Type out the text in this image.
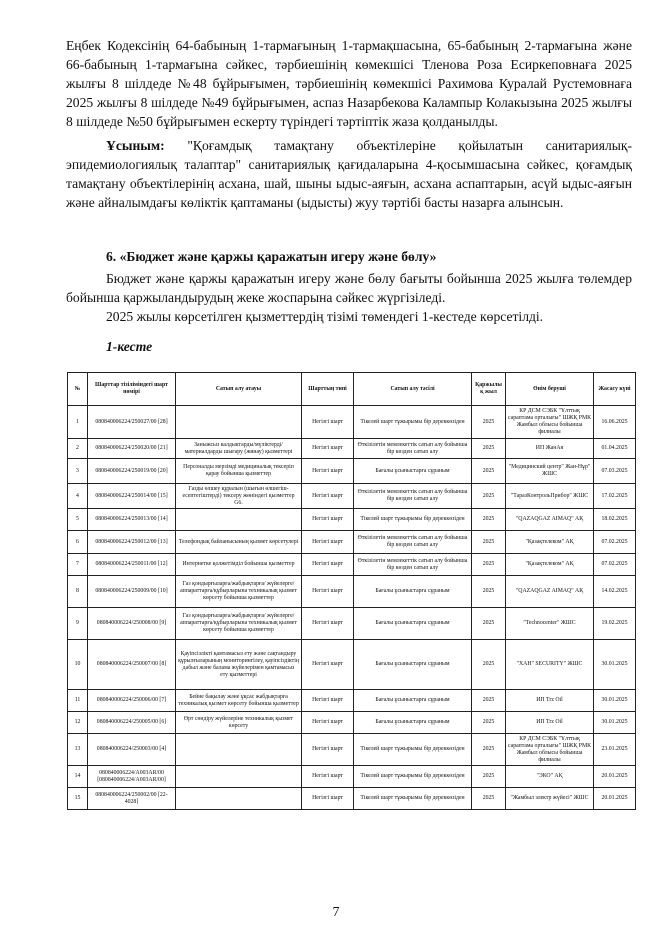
Еңбек Кодексінің 64-бабының 1-тармағының 1-тармақшасына, 65-бабының 2-тармағына және 66-бабының 1-тармағына сәйкес, тәрбиешінің көмекшісі Тленова Роза Есиркеповнаға 2025 жылғы 8 шілдеде №48 бұйрығымен, тәрбиешінің көмекшісі Рахимова Куралай Рустемовнаға 2025 жылғы 8 шілдеде №49 бұйрығымен, аспаз Назарбекова Калампыр Колакызына 2025 жылғы 8 шілдеде №50 бұйрығымен ескерту түріндегі тәртіптік жаза қолданылды.

Ұсыным: "Қоғамдық тамақтану объектілеріне қойылатын санитариялық-эпидемиологиялық талаптар" санитариялық қағидаларына 4-қосымшасына сәйкес, қоғамдық тамақтану объектілерінің асхана, шай, шыны ыдыс-аяғын, асхана аспаптарын, асүй ыдыс-аяғын және айналымдағы көліктік қаптаманы (ыдысты) жуу тәртібі басты назарға алынсын.

6. «Бюджет және қаржы қаражатын игеру және бөлу»

Бюджет және қаржы қаражатын игеру және бөлу бағыты бойынша 2025 жылға төлемдер бойынша қаржыландырудың жеке жоспарына сәйкес жүргізіледі.

2025 жылы көрсетілген қызметтердің тізімі төмендегі 1-кестеде көрсетілді.

1-кесте
№	Шарттар тізіліміндегі шарт нөмірі	Сатып алу атауы	Шарттың типі	Сатып алу тәсілі	Қаржылық жыл	Өнім беруші	Жасасу күні
1	080840006224/250027/00 [28]		Негізгі шарт	Тікелей шарт тұжырымы бір дереккөзіден	2025	КР ДСМ СЭБК "Ұлттық сараптама орталығы" ШЖҚ РМК Жамбыл облысы бойынша филиалы	16.06.2025
2	080840006224/250020/00 [21]	Заныжсыз калдыктарды/мүліктерді/ материалдарды шығару (жинау) қызметтері	Негізгі шарт	Өткізілетін мемлекеттік сатып алу бойынша бір көзден сатып алу	2025	ИП ЖанАя	01.04.2025
3	080840006224/250019/00 [20]	Персоналды мерзімді медициналық тексеріп қарау бойынша қызметтер	Негізгі шарт	Бағалы ұсыныстарға сұраным	2025	"Медицинский центр" Жан-Нұр" ЖШС	07.03.2025
4	080840006224/250014/00 [15]	Газды өлшеу құралын (шығын өлшегіш-есептегіштерді) тексеру жөніндегі қызметтер G6.	Негізгі шарт	Өткізілетін мемлекеттік сатып алу бойынша бір көзден сатып алу	2025	"ТаразКонтрольПрибор" ЖШС	17.02.2025
5	080840006224/250013/00 [14]		Негізгі шарт	Тікелей шарт тұжырымы бір дереккөзіден	2025	"QAZAQGAZ AIMAQ" АҚ	18.02.2025
6	080840006224/250012/00 [13]	Телефондық байланысының қызмет көрсетулері	Негізгі шарт	Өткізілетін мемлекеттік сатып алу бойынша бір көзден сатып алу	2025	"Қазақтелеком" АҚ	07.02.2025
7	080840006224/250011/00 [12]	Интернетке қолжетімділ бойынша қызметтер	Негізгі шарт	Өткізілетін мемлекеттік сатып алу бойынша бір көзден сатып алу	2025	"Қазақтелеком" АҚ	07.02.2025
8	080840006224/250009/00 [10]	Газ қондырғыларға/жабдықтарға/ жүйелерге/аппараттарға/құбырларына техникалық қызмет көрсету бойынша қызметтер	Негізгі шарт	Бағалы ұсыныстарға сұраным	2025	"QAZAQGAZ AIMAQ" АҚ	14.02.2025
9	080840006224/250008/00 [9]	Газ қондырғыларға/жабдықтарға/ жүйелерге/аппараттарға/құбырларына техникалық қызмет көрсету бойынша қызметтер	Негізгі шарт	Бағалы ұсыныстарға сұраным	2025	"Technocenter" ЖШС	19.02.2025
10	080840006224/250007/00 [8]	Қауіпсізлікті қамтамасыз ету және сақтандыру құрылғыларының мониторингілеу, қауіпсіздіктің дабыл және балама жүйелерімен қамтамасыз ету қызметтері	Негізгі шарт	Бағалы ұсыныстарға сұраным	2025	"ХАН" SECURITY" ЖШС	30.01.2025
11	080840006224/250006/00 [7]	Бейне бақылау және ұқсас жабдықтарға техникалық қызмет көрсету бойынша қызметтер	Негізгі шарт	Бағалы ұсыныстарға сұраным	2025	ИП Trz Oil	30.01.2025
12	080840006224/250005/00 [6]	Өрт сөндіру жүйелеріне техникалық қызмет көрсету	Негізгі шарт	Бағалы ұсыныстарға сұраным	2025	ИП Trz Oil	30.01.2025
13	080840006224/250003/00 [4]		Негізгі шарт	Тікелей шарт тұжырымы бір дереккөзіден	2025	КР ДСМ СЭБК "Ұлттық сараптама орталығы" ШЖҚ РМК Жамбыл облысы бойынша филиалы	23.01.2025
14	080840006224/А003АR/00 [080840006224/А003АR/00]		Негізгі шарт	Тікелей шарт тұжырымы бір дереккөзіден	2025	"ЭКО" АҚ	20.01.2025
15	080840006224/250002/00 [22-4028]		Негізгі шарт	Тікелей шарт тұжырымы бір дереккөзіден	2025	"Жамбыл электр жүйесі" ЖШС	20.01.2025
7
